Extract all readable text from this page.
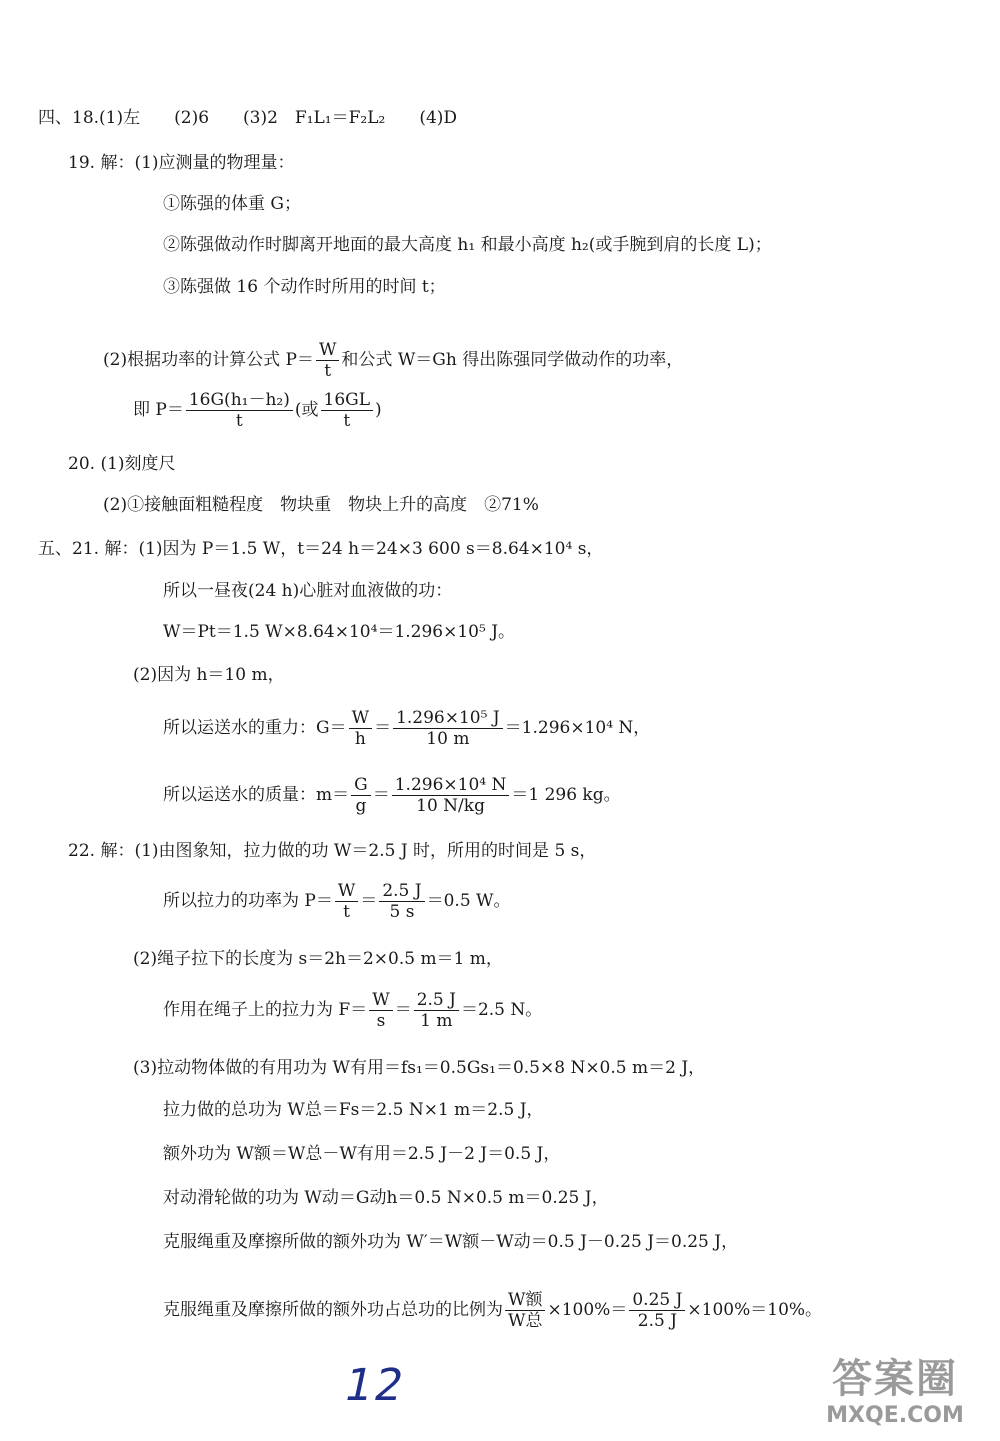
四、18.(1)左　　(2)6　　(3)2　F₁L₁＝F₂L₂　　(4)D
19. 解：(1)应测量的物理量：
①陈强的体重 G；
②陈强做动作时脚离开地面的最大高度 h₁ 和最小高度 h₂(或手腕到肩的长度 L)；
③陈强做 16 个动作时所用的时间 t；
(2)根据功率的计算公式 $P= \frac{W}{t}$ 和公式 W＝Gh 得出陈强同学做动作的功率，
即 $P= \frac{\text{16G(h₁－h₂)}}{t}$ (或 $\frac{16GL}{t}$ )
20. (1)刻度尺
(2)①接触面粗糙程度　物块重　物块上升的高度　②71%
五、21. 解：(1)因为 P＝1.5 W，t＝24 h＝24×3 600 s＝8.64×10⁴ s，
所以一昼夜(24 h)心脏对血液做的功：
W＝Pt＝1.5 W×8.64×10⁴＝1.296×10⁵ J。
(2)因为 h＝10 m，
所以运送水的重力：$G= \frac{W}{h} = \frac{\text{1.296×10⁵ J}}{10 m} =1.296\times 10^4$ N，
所以运送水的质量：$m= \frac{G}{g} = \frac{\text{1.296×10⁴ N}}{10 N/kg} =1$ 296 kg。
22. 解：(1)由图象知，拉力做的功 W＝2.5 J 时，所用的时间是 5 s，
所以拉力的功率为 $P= \frac{W}{t} = \frac{2.5 J}{5 s} =0.5$ W。
(2)绳子拉下的长度为 s＝2h＝2×0.5 m＝1 m，
作用在绳子上的拉力为 $F= \frac{W}{s} = \frac{2.5 J}{1 m} =2.5$ N。
(3)拉动物体做的有用功为 W有用＝fs₁＝0.5Gs₁＝0.5×8 N×0.5 m＝2 J，
拉力做的总功为 W总＝Fs＝2.5 N×1 m＝2.5 J，
额外功为 W额＝W总－W有用＝2.5 J－2 J＝0.5 J，
对动滑轮做的功为 W动＝G动h＝0.5 N×0.5 m＝0.25 J，
克服绳重及摩擦所做的额外功为 W′＝W额－W动＝0.5 J－0.25 J＝0.25 J，
克服绳重及摩擦所做的额外功占总功的比例为 $\frac{\text{W额}}{\text{W总}} \times 100\%= \frac{0.25 J}{2.5 J} \times 100\%=10\%$。
12	答案圈
MXQE.COM
